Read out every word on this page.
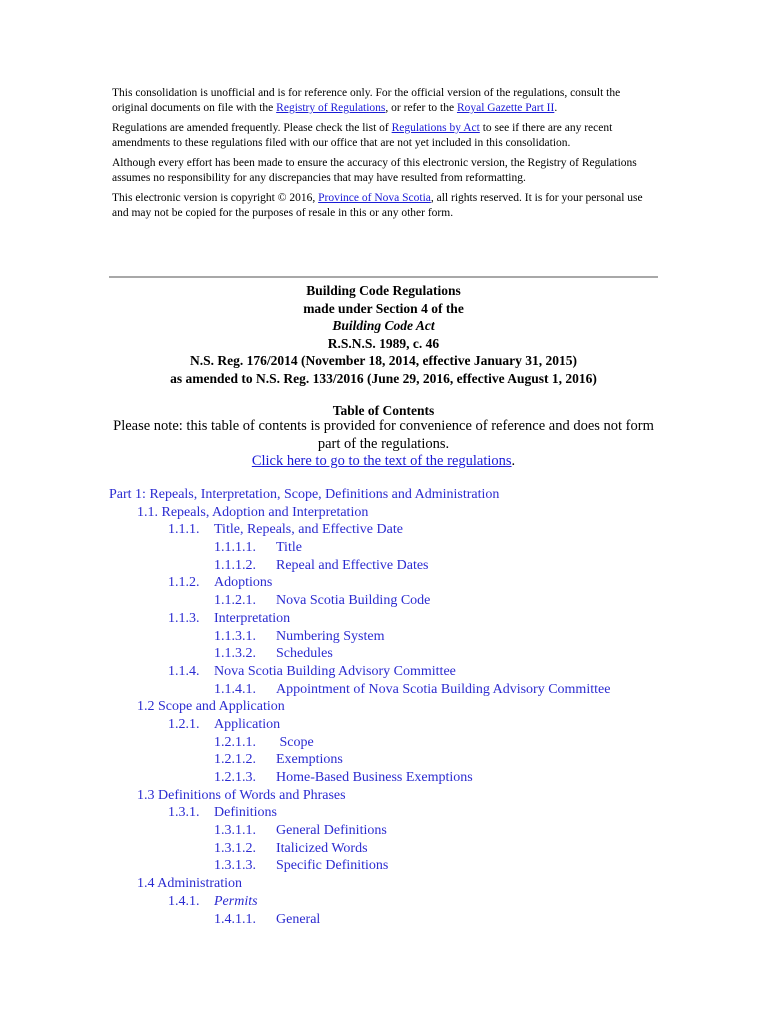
This consolidation is unofficial and is for reference only. For the official version of the regulations, consult the original documents on file with the Registry of Regulations, or refer to the Royal Gazette Part II.

Regulations are amended frequently. Please check the list of Regulations by Act to see if there are any recent amendments to these regulations filed with our office that are not yet included in this consolidation.

Although every effort has been made to ensure the accuracy of this electronic version, the Registry of Regulations assumes no responsibility for any discrepancies that may have resulted from reformatting.

This electronic version is copyright © 2016, Province of Nova Scotia, all rights reserved. It is for your personal use and may not be copied for the purposes of resale in this or any other form.

Building Code Regulations
made under Section 4 of the
Building Code Act
R.S.N.S. 1989, c. 46
N.S. Reg. 176/2014 (November 18, 2014, effective January 31, 2015)
as amended to N.S. Reg. 133/2016 (June 29, 2016, effective August 1, 2016)
Table of Contents
Please note: this table of contents is provided for convenience of reference and does not form part of the regulations.
Click here to go to the text of the regulations.
Part 1: Repeals, Interpretation, Scope, Definitions and Administration
1.1. Repeals, Adoption and Interpretation
1.1.1. Title, Repeals, and Effective Date
1.1.1.1. Title
1.1.1.2. Repeal and Effective Dates
1.1.2. Adoptions
1.1.2.1. Nova Scotia Building Code
1.1.3. Interpretation
1.1.3.1. Numbering System
1.1.3.2. Schedules
1.1.4. Nova Scotia Building Advisory Committee
1.1.4.1. Appointment of Nova Scotia Building Advisory Committee
1.2 Scope and Application
1.2.1. Application
1.2.1.1. Scope
1.2.1.2. Exemptions
1.2.1.3. Home-Based Business Exemptions
1.3 Definitions of Words and Phrases
1.3.1. Definitions
1.3.1.1. General Definitions
1.3.1.2. Italicized Words
1.3.1.3. Specific Definitions
1.4 Administration
1.4.1. Permits
1.4.1.1. General
